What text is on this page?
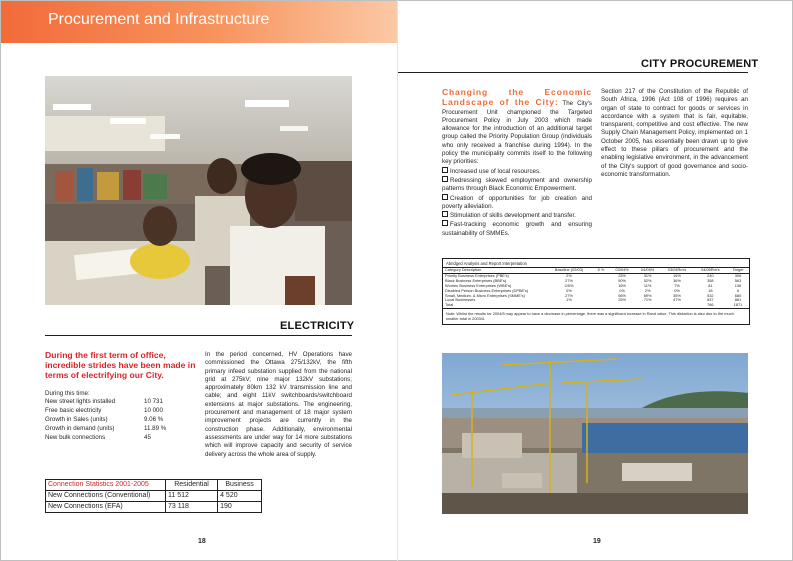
Procurement and Infrastructure
ELECTRICITY
During the first term of office, incredible strides have been made in terms of electrifying our City.
During this time:
New street lights installed	10 731
Free basic electricity	10 000
Growth in Sales (units)	9.06 %
Growth in demand (units)	11.89 %
New bulk connections	45
In the period concerned, HV Operations have commissioned the Ottawa 275/132kV, the fifth primary infeed substation supplied from the national grid at 275kV; nine major 132kV substations; approximately 80km 132 kV transmission line and cable; and eight 11kV switchboards/switchboard extensions at major substations. The engineering, procurement and management of 18 major system improvement projects are currently in the construction phase. Additionally, environmental assessments are under way for 14 more substations which will improve capacity and security of service delivery across the whole area of supply.
Connection Statistics 2001-2005	Residential	Business
New Connections (Conventional)	11 512	4 520
New Connections (EFA)	73 118	190
18
CITY PROCUREMENT
Changing the Economic Landscape of the City: The City's Procurement Unit championed the Targeted Procurement Policy in July 2003 which made allowance for the introduction of an additional target group called the Priority Population Group (individuals who only received a franchise during 1994). In the policy the municipality commits itself to the following key priorities:
Increased use of local resources.
Redressing skewed employment and ownership patterns through Black Economic Empowerment.
Creation of opportunities for job creation and poverty alleviation.
Stimulation of skills development and transfer.
Fast-tracking economic growth and ensuring sustainability of SMMEs.
Section 217 of the Constitution of the Republic of South Africa, 1996 (Act 108 of 1996) requires an organ of state to contract for goods or services in accordance with a system that is fair, equitable, transparent, competitive and cost effective. The new Supply Chain Management Policy, implemented on 1 October 2005, has essentially been drawn up to give effect to these pillars of procurement and the enabling legislative environment, in the advancement of the City's support of good governance and socio-economic transformation.
Abridged Analysis and Report Interpretation
Category Description	Baseline (02/03)	5 Yr	03/04%	04/05%	03/04Rm's	04/05Rm's	Target
Priority Business Enterprises (PBE's)	2%		25%	31%	16%	240	306
Black Business Enterprises (BBE's)	27%		50%	52%	36%	358	563
Women Business Enterprises (WBE's)	2/5%		16%	11%	7%	81	136
Disabled Person Business Enterprises (DPBE's)	0%		0%	2%	0%	18	6
Small, Medium, & Micro Enterprises (SMME's)	27%		56%	69%	35%	532	680
Local Businesses	1%		25%	71%	47%	537	881
Total						766	1871
Note: Whilst the results for 2004/5 may appear to have a decrease in percentage, there was a significant increase in Rand value. This distortion is also due to the much smaller total in 2003/4.
19
